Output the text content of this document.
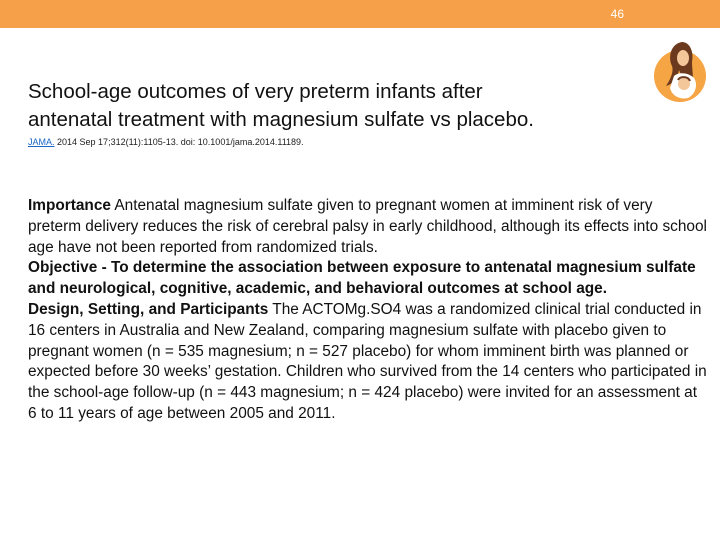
46
School-age outcomes of very preterm infants after
antenatal treatment with magnesium sulfate vs placebo.
JAMA. 2014 Sep 17;312(11):1105-13. doi: 10.1001/jama.2014.11189.

Importance Antenatal magnesium sulfate given to pregnant women at imminent risk of very preterm delivery reduces the risk of cerebral palsy in early childhood, although its effects into school age have not been reported from randomized trials.
Objective - To determine the association between exposure to antenatal magnesium sulfate and neurological, cognitive, academic, and behavioral outcomes at school age.
Design, Setting, and Participants The ACTOMg.SO4 was a randomized clinical trial conducted in 16 centers in Australia and New Zealand, comparing magnesium sulfate with placebo given to pregnant women (n = 535 magnesium; n = 527 placebo) for whom imminent birth was planned or expected before 30 weeks’ gestation. Children who survived from the 14 centers who participated in the school-age follow-up (n = 443 magnesium; n = 424 placebo) were invited for an assessment at 6 to 11 years of age between 2005 and 2011.
